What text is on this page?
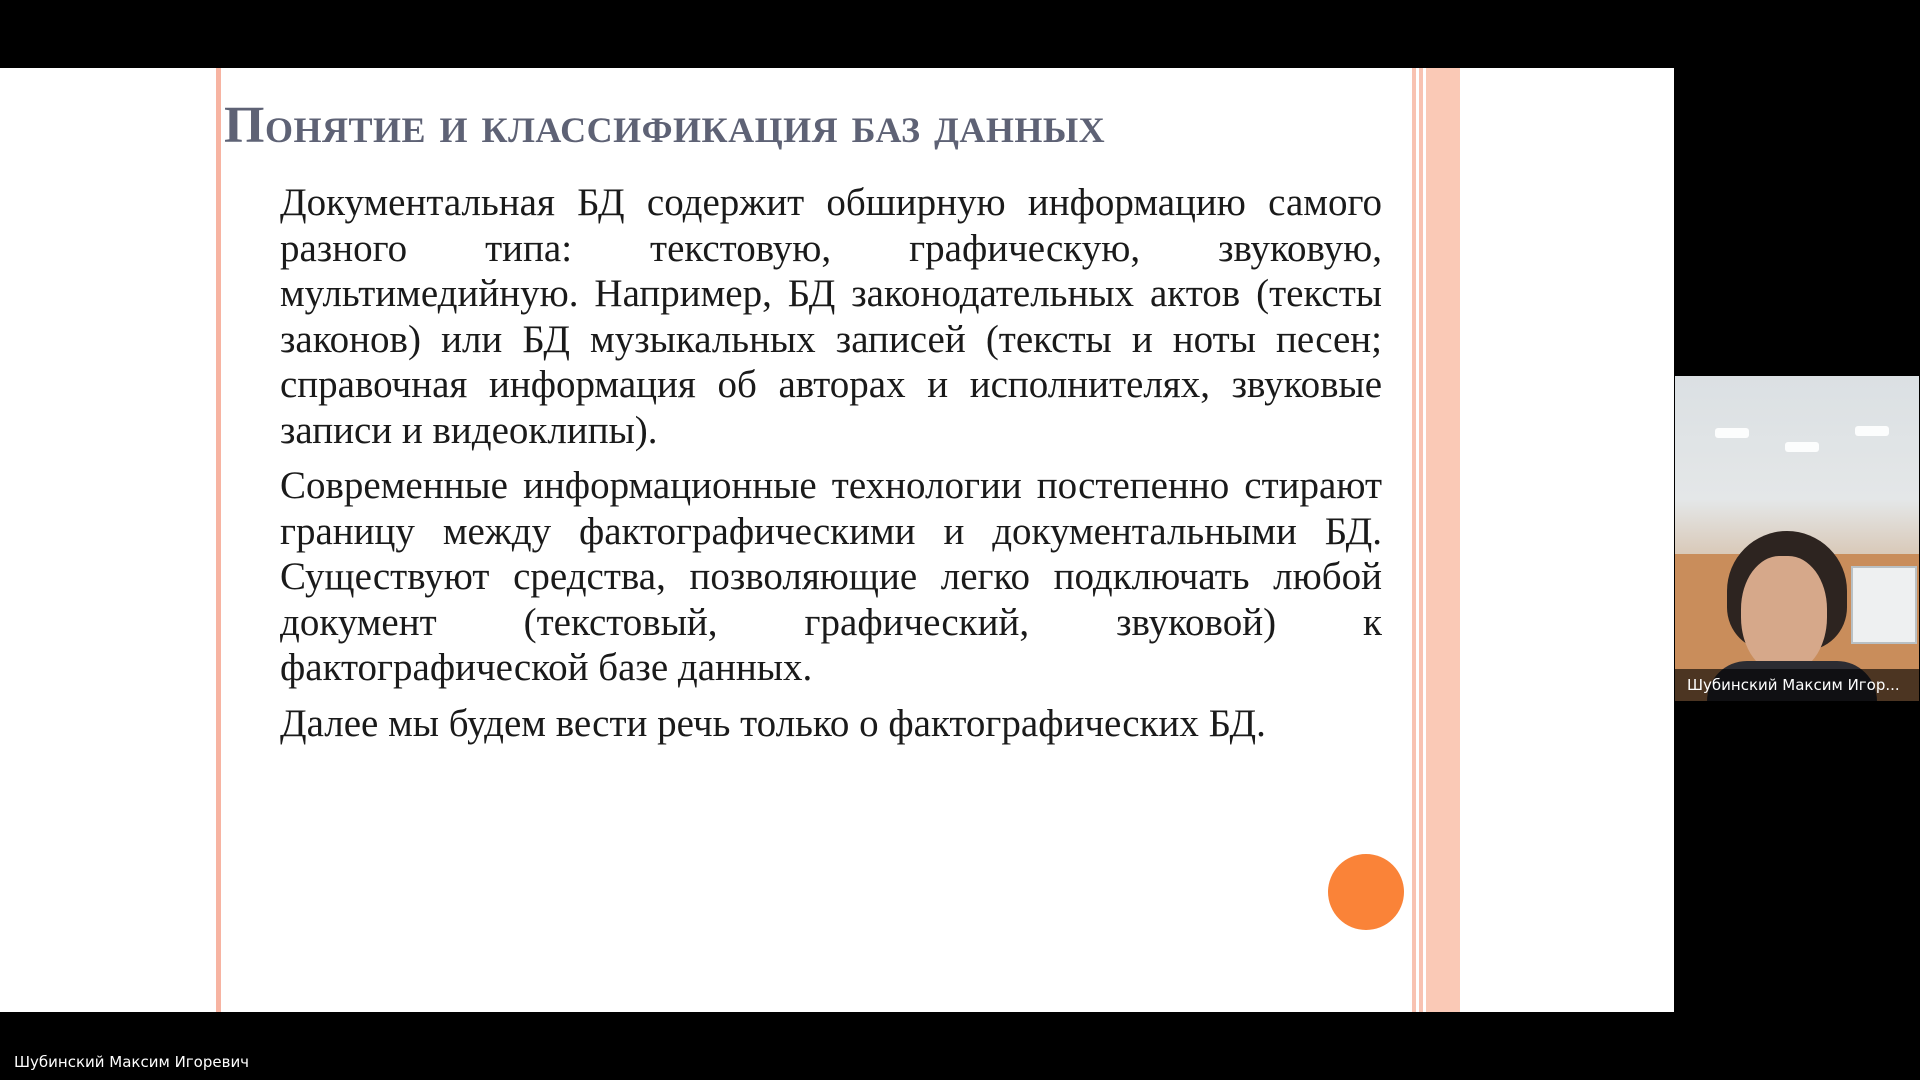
Понятие и классификация баз данных

Документальная БД содержит обширную информацию самого разного типа: текстовую, графическую, звуковую, мультимедийную. Например, БД законодательных актов (тексты законов) или БД музыкальных записей (тексты и ноты песен; справочная информация об авторах и исполнителях, звуковые записи и видеоклипы).

Современные информационные технологии постепенно стирают границу между фактографическими и документальными БД. Существуют средства, позволяющие легко подключать любой документ (текстовый, графический, звуковой) к фактографической базе данных.

Далее мы будем вести речь только о фактографических БД.

Шубинский Максим Игор...
Шубинский Максим Игоревич
